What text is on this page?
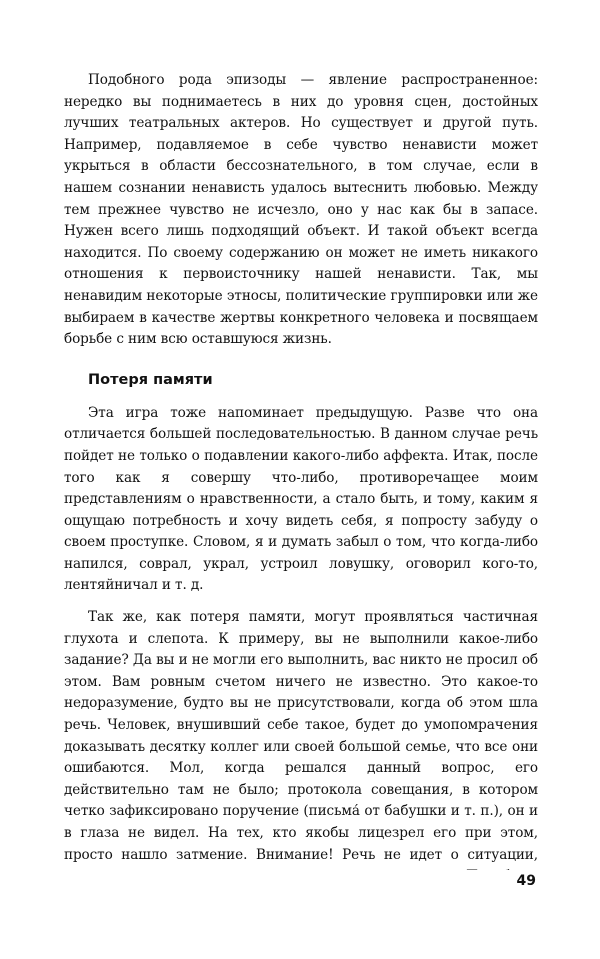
Подобного рода эпизоды — явление распространенное: нередко вы поднимаетесь в них до уровня сцен, достойных лучших театральных актеров. Но существует и другой путь. Например, подавляемое в себе чувство ненависти может укрыться в области бессознательного, в том случае, если в нашем сознании ненависть удалось вытеснить любовью. Между тем прежнее чувство не исчезло, оно у нас как бы в запасе. Нужен всего лишь подходящий объект. И такой объект всегда находится. По своему содержанию он может не иметь никакого отношения к первоисточнику нашей ненависти. Так, мы ненавидим некоторые этносы, политические группировки или же выбираем в качестве жертвы конкретного человека и посвящаем борьбе с ним всю оставшуюся жизнь.

Потеря памяти

Эта игра тоже напоминает предыдущую. Разве что она отличается большей последовательностью. В данном случае речь пойдет не только о подавлении какого-либо аффекта. Итак, после того как я совершу что-либо, противоречащее моим представлениям о нравственности, а стало быть, и тому, каким я ощущаю потребность и хочу видеть себя, я попросту забуду о своем проступке. Словом, я и думать забыл о том, что когда-либо напился, соврал, украл, устроил ловушку, оговорил кого-то, лентяйничал и т. д.

Так же, как потеря памяти, могут проявляться частичная глухота и слепота. К примеру, вы не выполнили какое-либо задание? Да вы и не могли его выполнить, вас никто не просил об этом. Вам ровным счетом ничего не известно. Это какое-то недоразумение, будто вы не присутствовали, когда об этом шла речь. Человек, внушивший себе такое, будет до умопомрачения доказывать десятку коллег или своей большой семье, что все они ошибаются. Мол, когда решался данный вопрос, его действительно там не было; протокола совещания, в котором четко зафиксировано поручение (письма́ от бабушки и т. п.), он и в глаза не видел. На тех, кто якобы лицезрел его при этом, просто нашло затмение. Внимание! Речь не идет о ситуации,

49
